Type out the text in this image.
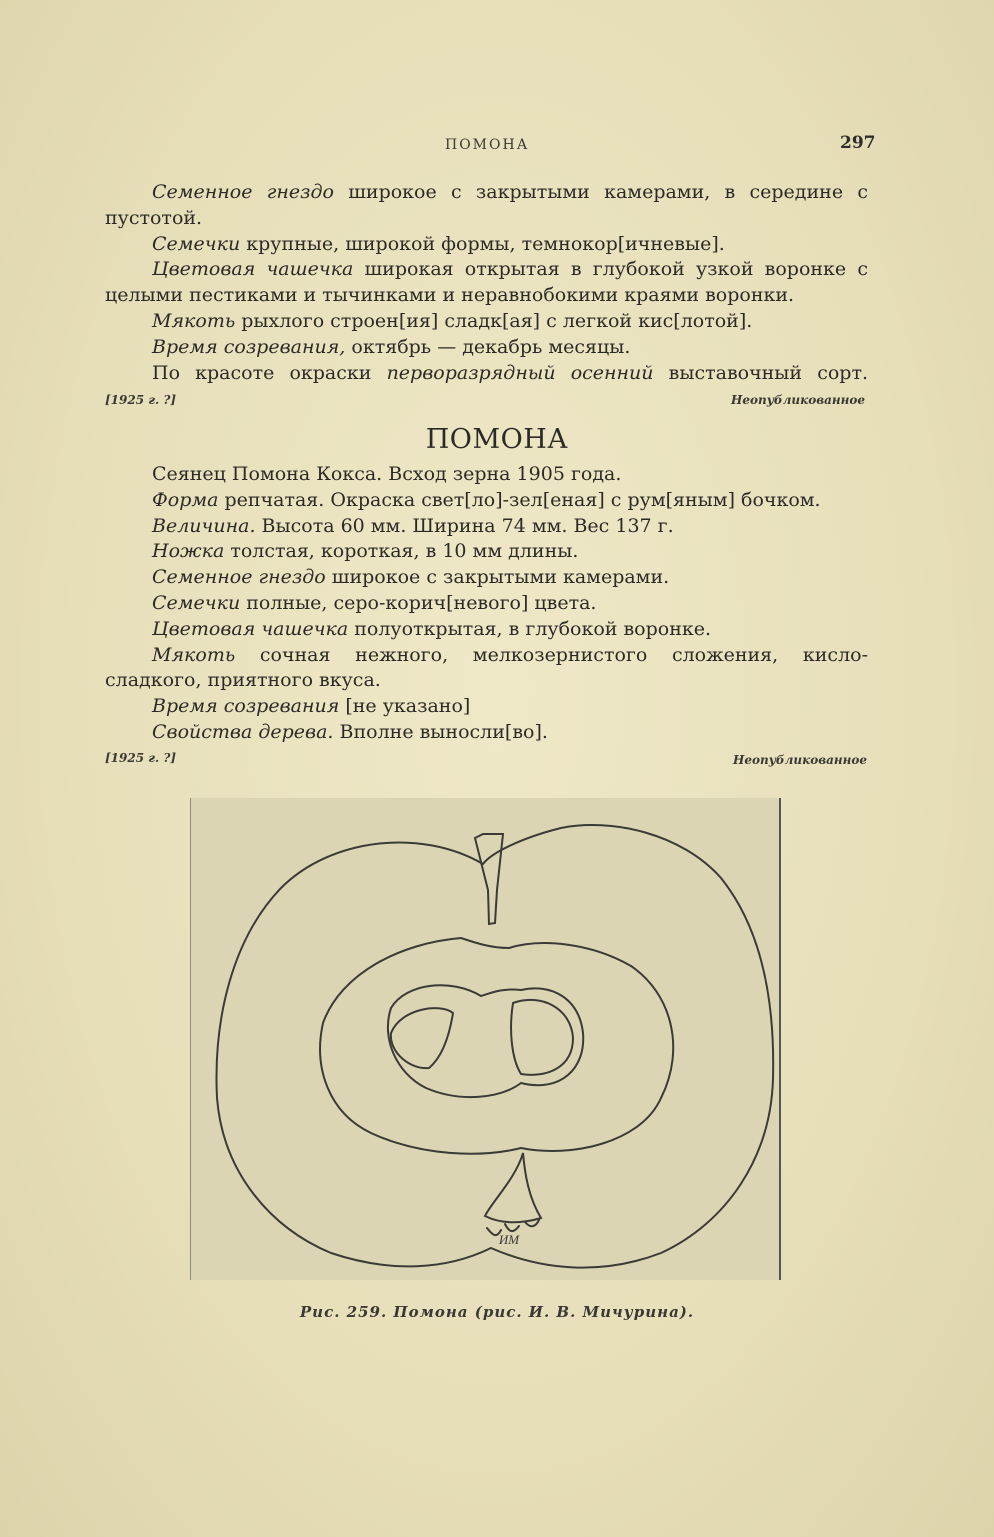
ПОМОНА	297

Семенное гнездо широкое с закрытыми камерами, в середине с пустотой.

Семечки крупные, широкой формы, темнокор[ичневые].

Цветовая чашечка широкая открытая в глубокой узкой воронке с целыми пестиками и тычинками и неравнобокими краями воронки.

Мякоть рыхлого строен[ия] сладк[ая] с легкой кис[лотой].

Время созревания, октябрь — декабрь месяцы.

По красоте окраски перворазрядный осенний выставочный сорт.

[1925 г. ?]	Неопубликованное
ПОМОНА

Сеянец Помона Кокса. Всход зерна 1905 года.

Форма репчатая. Окраска свет[ло]-зел[еная] с рум[яным] бочком.

Величина. Высота 60 мм. Ширина 74 мм. Вес 137 г.

Ножка толстая, короткая, в 10 мм длины.

Семенное гнездо широкое с закрытыми камерами.

Семечки полные, серо-корич[невого] цвета.

Цветовая чашечка полуоткрытая, в глубокой воронке.

Мякоть сочная нежного, мелкозернистого сложения, кисло-сладкого, приятного вкуса.

Время созревания [не указано]

Свойства дерева. Вполне выносли[во].

[1925 г. ?]	Неопубликованное
ИМ
Рис. 259. Помона (рис. И. В. Мичурина).
